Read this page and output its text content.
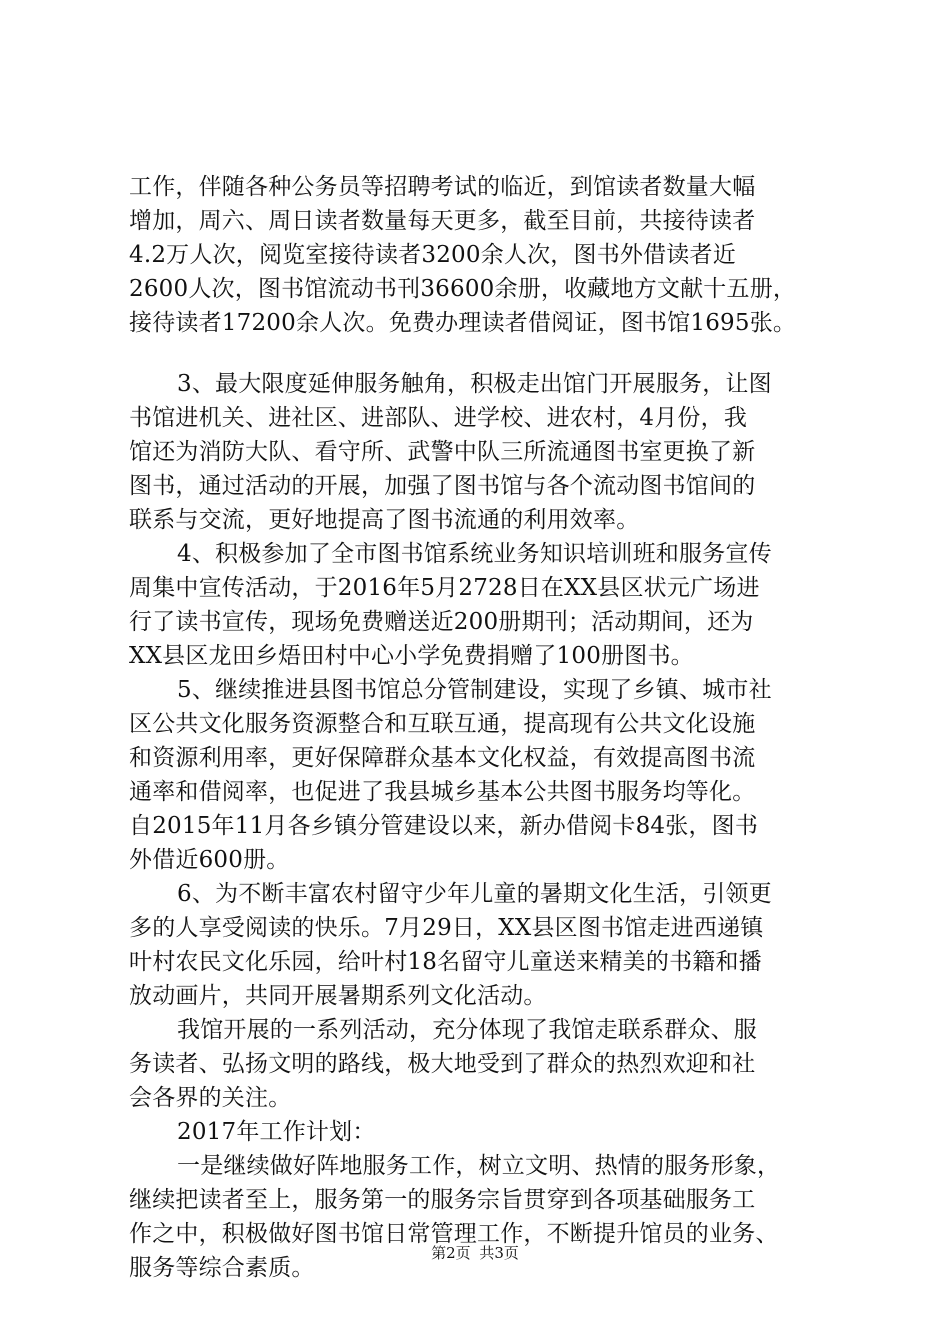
工作，伴随各种公务员等招聘考试的临近，到馆读者数量大幅
增加，周六、周日读者数量每天更多，截至目前，共接待读者
4.2万人次，阅览室接待读者3200余人次，图书外借读者近
2600人次，图书馆流动书刊36600余册，收藏地方文献十五册，
接待读者17200余人次。免费办理读者借阅证，图书馆1695张。
3、最大限度延伸服务触角，积极走出馆门开展服务，让图
书馆进机关、进社区、进部队、进学校、进农村，4月份，我
馆还为消防大队、看守所、武警中队三所流通图书室更换了新
图书，通过活动的开展，加强了图书馆与各个流动图书馆间的
联系与交流，更好地提高了图书流通的利用效率。
4、积极参加了全市图书馆系统业务知识培训班和服务宣传
周集中宣传活动，于2016年5月2728日在XX县区状元广场进
行了读书宣传，现场免费赠送近200册期刊；活动期间，还为
XX县区龙田乡焐田村中心小学免费捐赠了100册图书。
5、继续推进县图书馆总分管制建设，实现了乡镇、城市社
区公共文化服务资源整合和互联互通，提高现有公共文化设施
和资源利用率，更好保障群众基本文化权益，有效提高图书流
通率和借阅率，也促进了我县城乡基本公共图书服务均等化。
自2015年11月各乡镇分管建设以来，新办借阅卡84张，图书
外借近600册。
6、为不断丰富农村留守少年儿童的暑期文化生活，引领更
多的人享受阅读的快乐。7月29日，XX县区图书馆走进西递镇
叶村农民文化乐园，给叶村18名留守儿童送来精美的书籍和播
放动画片，共同开展暑期系列文化活动。
我馆开展的一系列活动，充分体现了我馆走联系群众、服
务读者、弘扬文明的路线，极大地受到了群众的热烈欢迎和社
会各界的关注。
2017年工作计划：
一是继续做好阵地服务工作，树立文明、热情的服务形象，
继续把读者至上，服务第一的服务宗旨贯穿到各项基础服务工
作之中，积极做好图书馆日常管理工作，不断提升馆员的业务、
服务等综合素质。
第2页 共3页
